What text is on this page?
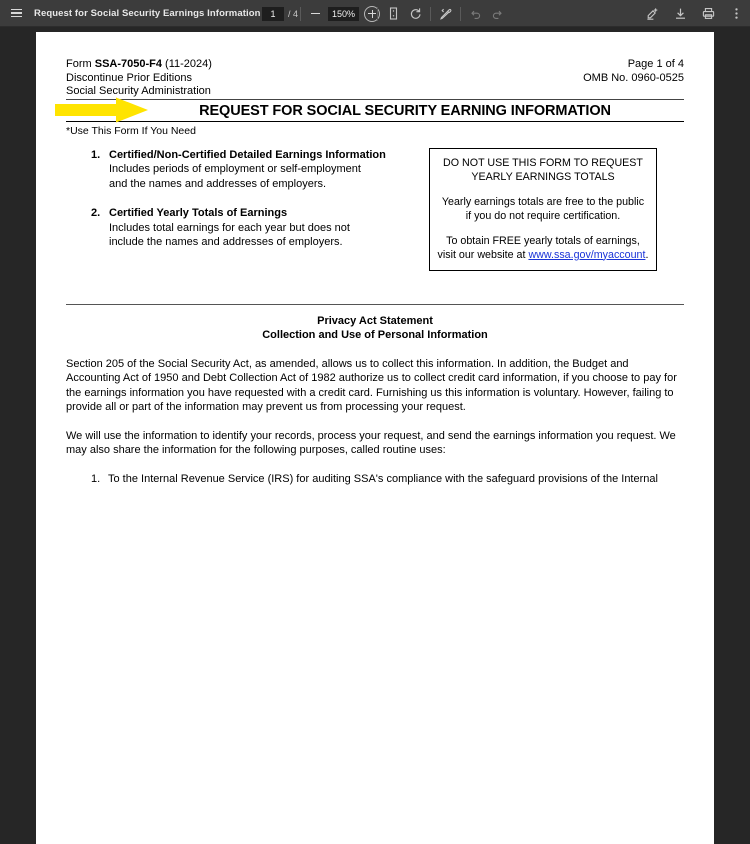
Request for Social Security Earnings Information	1	/ 4	150%
Form SSA-7050-F4 (11-2024)
Discontinue Prior Editions
Social Security Administration
Page 1 of 4
OMB No. 0960-0525
REQUEST FOR SOCIAL SECURITY EARNING INFORMATION
*Use This Form If You Need
1. Certified/Non-Certified Detailed Earnings Information
Includes periods of employment or self-employment
and the names and addresses of employers.
2. Certified Yearly Totals of Earnings
Includes total earnings for each year but does not
include the names and addresses of employers.
DO NOT USE THIS FORM TO REQUEST
YEARLY EARNINGS TOTALS
Yearly earnings totals are free to the public
if you do not require certification.
To obtain FREE yearly totals of earnings,
visit our website at www.ssa.gov/myaccount.
Privacy Act Statement
Collection and Use of Personal Information
Section 205 of the Social Security Act, as amended, allows us to collect this information. In addition, the Budget and Accounting Act of 1950 and Debt Collection Act of 1982 authorize us to collect credit card information, if you choose to pay for the earnings information you have requested with a credit card. Furnishing us this information is voluntary. However, failing to provide all or part of the information may prevent us from processing your request.
We will use the information to identify your records, process your request, and send the earnings information you request. We may also share the information for the following purposes, called routine uses:
1. To the Internal Revenue Service (IRS) for auditing SSA's compliance with the safeguard provisions of the Internal
